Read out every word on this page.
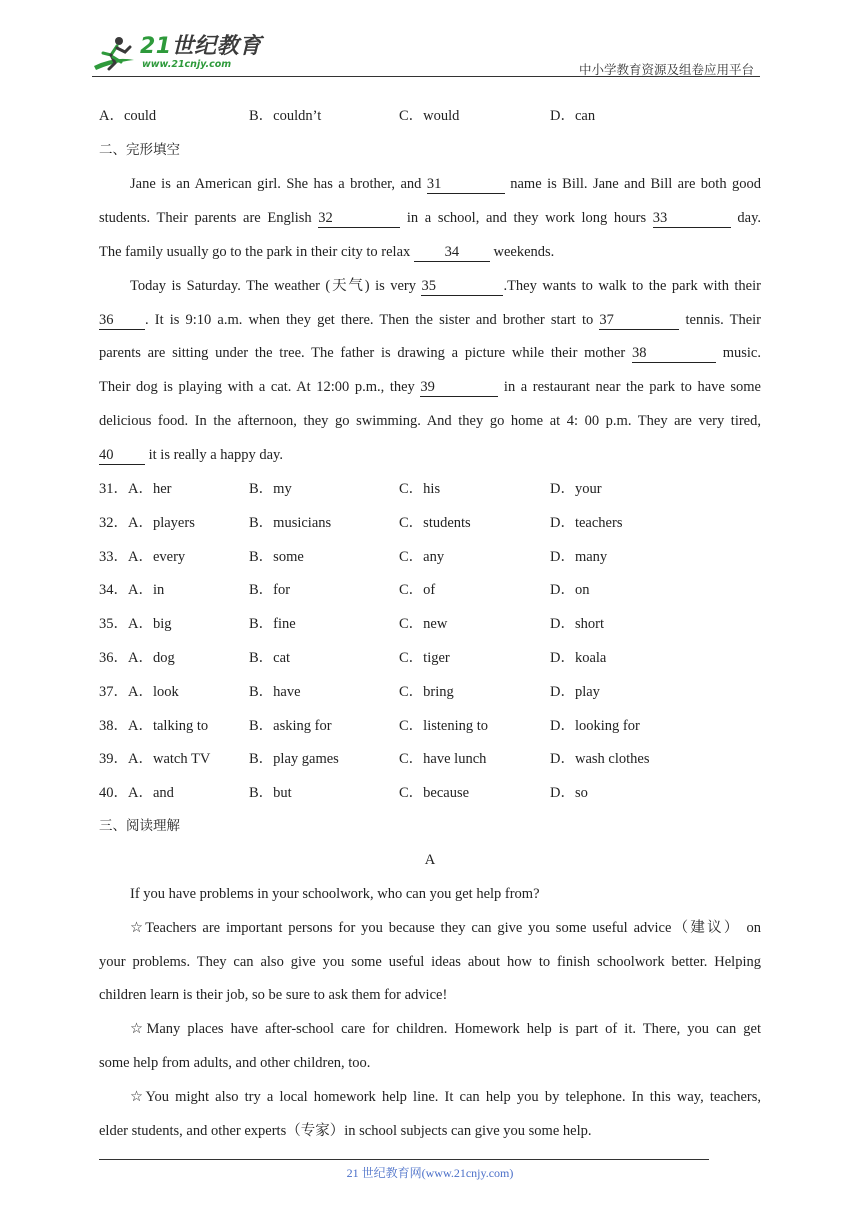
21世纪教育
www.21cnjy.com	中小学教育资源及组卷应用平台
A．could	B．couldn’t	C．would	D．can
二、完形填空
Jane is an American girl. She has a brother, and 31	name is Bill. Jane and Bill are both good
students. Their parents are English 32	in a school, and they work long hours 33	day.
The family usually go to the park in their city to relax 34 weekends.
Today is Saturday. The weather (天气) is very 35	.They wants to walk to the park with their
36 . It is 9:10 a.m. when they get there. Then the sister and brother start to 37	tennis. Their
parents are sitting under the tree. The father is drawing a picture while their mother 38	music.
Their dog is playing with a cat. At 12:00 p.m., they 39	in a restaurant near the park to have some
delicious food. In the afternoon, they go swimming. And they go home at 4: 00 p.m. They are very tired,
40 it is really a happy day.
31．A．her	B．my	C．his	D．your
32．A．players	B．musicians	C．students	D．teachers
33．A．every	B．some	C．any	D．many
34．A．in	B．for	C．of	D．on
35．A．big	B．fine	C．new	D．short
36．A．dog	B．cat	C．tiger	D．koala
37．A．look	B．have	C．bring	D．play
38．A．talking to	B．asking for	C．listening to	D．looking for
39．A．watch TV	B．play games	C．have lunch	D．wash clothes
40．A．and	B．but	C．because	D．so
三、阅读理解
A
If you have problems in your schoolwork, who can you get help from?
☆Teachers are important persons for you because they can give you some useful advice（建议） on
your problems. They can also give you some useful ideas about how to finish schoolwork better. Helping
children learn is their job, so be sure to ask them for advice!
☆Many places have after-school care for children. Homework help is part of it. There, you can get
some help from adults, and other children, too.
☆You might also try a local homework help line. It can help you by telephone. In this way, teachers,
elder students, and other experts（专家）in school subjects can give you some help.
21 世纪教育网(www.21cnjy.com)
